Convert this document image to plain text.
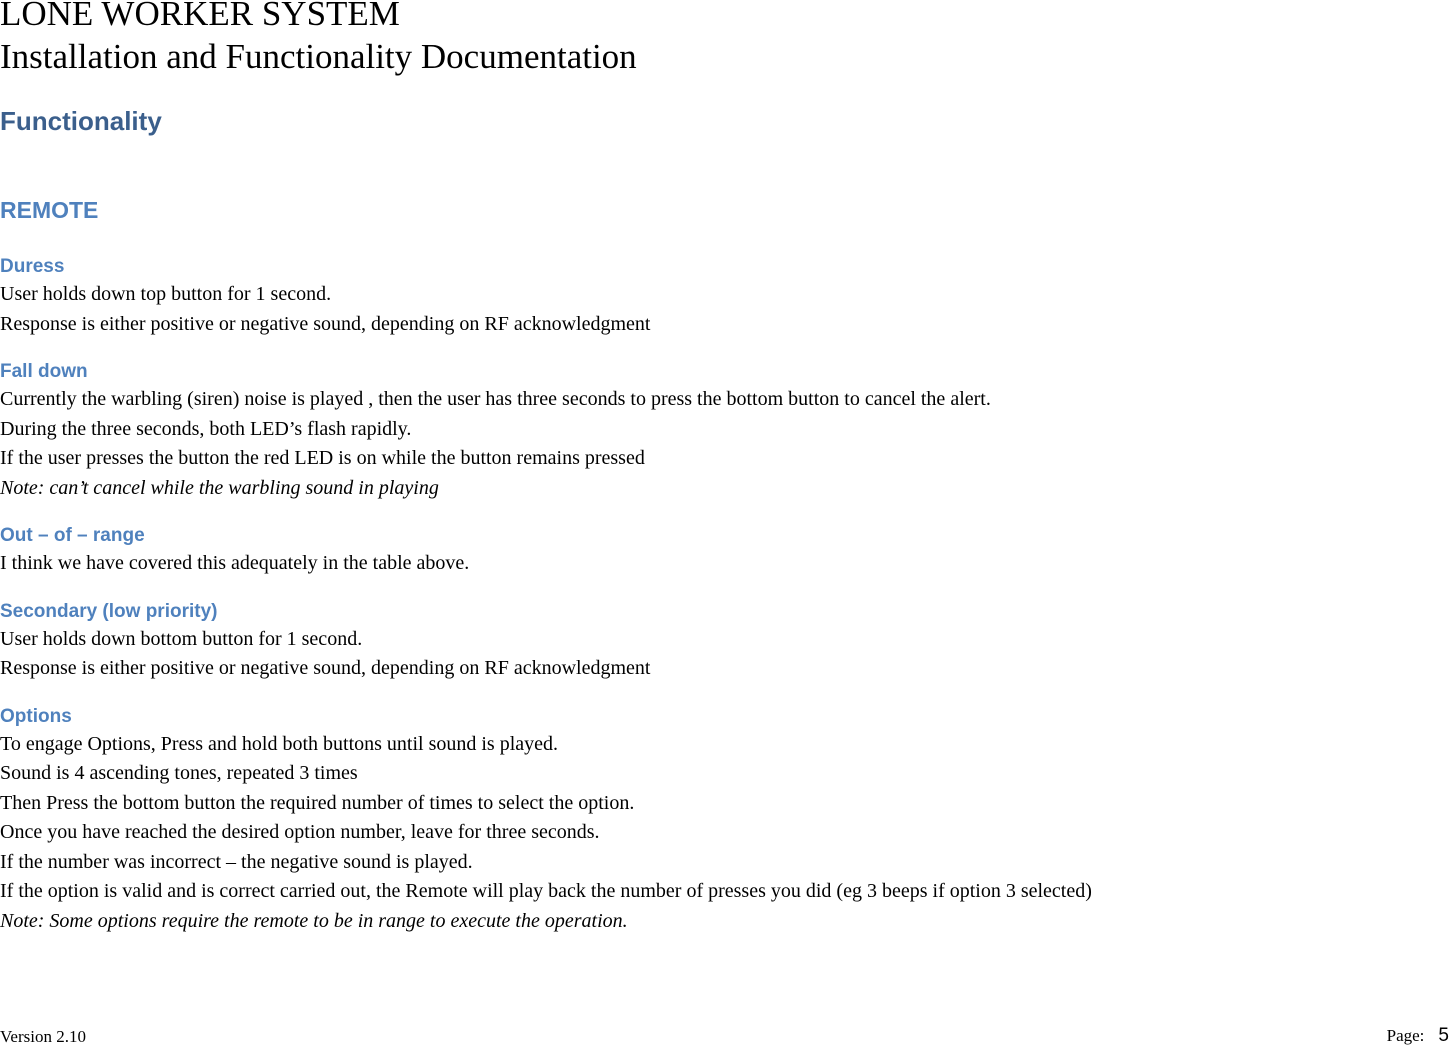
LONE WORKER SYSTEM
Installation and Functionality Documentation
Functionality
REMOTE
Duress
User holds down top button for 1 second.
Response is either positive or negative sound, depending on RF acknowledgment
Fall down
Currently the warbling (siren) noise is played , then the user has three seconds to press the bottom button to cancel the alert.
During the three seconds, both LED’s flash rapidly.
If the user presses the button the red LED is on while the button remains pressed
Note: can’t cancel while the warbling sound in playing
Out – of – range
I think we have covered this adequately in the table above.
Secondary (low priority)
User holds down bottom button for 1 second.
Response is either positive or negative sound, depending on RF acknowledgment
Options
To engage Options, Press and hold both buttons until sound is played.
Sound is 4 ascending tones, repeated 3 times
Then Press the bottom button the required number of times to select the option.
Once you have reached the desired option number, leave for three seconds.
If the number was incorrect – the negative sound is played.
If the option is valid and is correct carried out, the Remote will play back the number of presses you did (eg 3 beeps if option 3 selected)
Note: Some options require the remote to be in range to execute the operation.
Version 2.10	Page: 5
